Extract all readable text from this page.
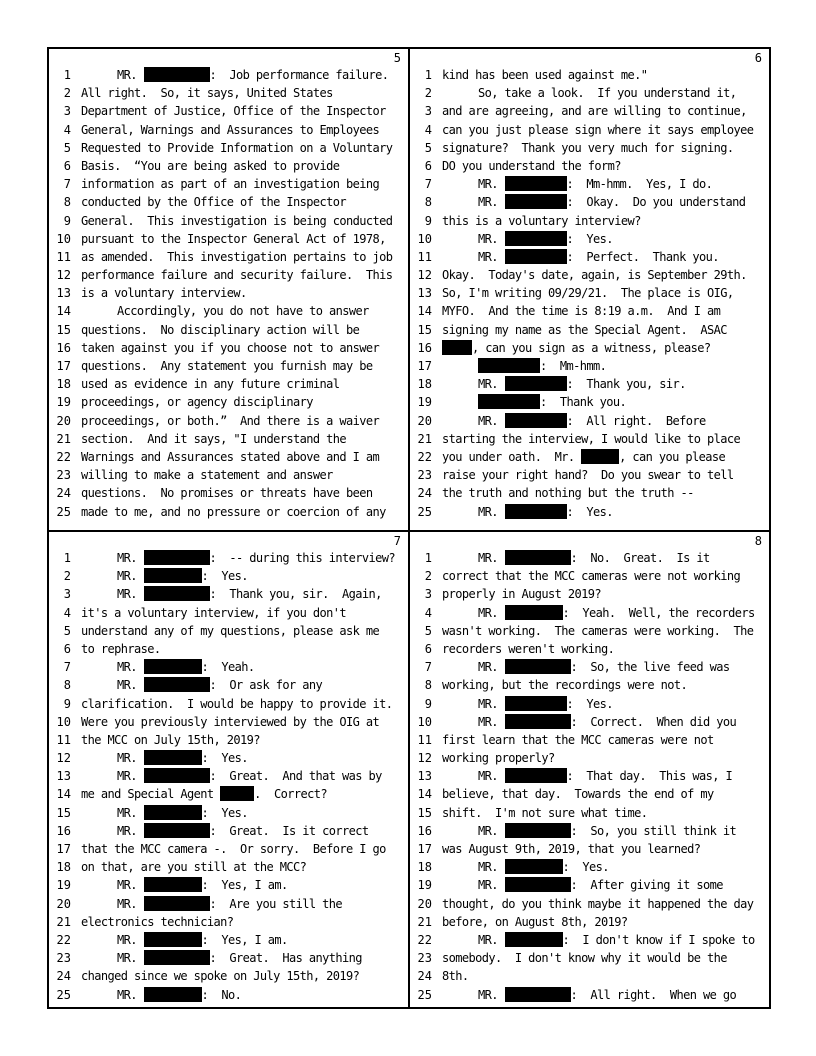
5
1	MR.	:  Job performance failure.
2 All right.  So, it says, United States
3 Department of Justice, Office of the Inspector
4 General, Warnings and Assurances to Employees
5 Requested to Provide Information on a Voluntary
6 Basis.  “You are being asked to provide
7 information as part of an investigation being
8 conducted by the Office of the Inspector
9 General.  This investigation is being conducted
10 pursuant to the Inspector General Act of 1978,
11 as amended.  This investigation pertains to job
12 performance failure and security failure.  This
13 is a voluntary interview.
14	Accordingly, you do not have to answer
15 questions.  No disciplinary action will be
16 taken against you if you choose not to answer
17 questions.  Any statement you furnish may be
18 used as evidence in any future criminal
19 proceedings, or agency disciplinary
20 proceedings, or both.”  And there is a waiver
21 section.  And it says, "I understand the
22 Warnings and Assurances stated above and I am
23 willing to make a statement and answer
24 questions.  No promises or threats have been
25 made to me, and no pressure or coercion of any
6
1 kind has been used against me."
2	So, take a look.  If you understand it,
3 and are agreeing, and are willing to continue,
4 can you just please sign where it says employee
5 signature?  Thank you very much for signing.
6 DO you understand the form?
7	MR.	:  Mm-hmm.  Yes, I do.
8	MR.	:  Okay.  Do you understand
9 this is a voluntary interview?
10	MR.	:  Yes.
11	MR.	:  Perfect.  Thank you.
12 Okay.  Today's date, again, is September 29th.
13 So, I'm writing 09/29/21.  The place is OIG,
14 MYFO.  And the time is 8:19 a.m.  And I am
15 signing my name as the Special Agent.  ASAC
16	, can you sign as a witness, please?
17	:  Mm-hmm.
18	MR.	:  Thank you, sir.
19	:  Thank you.
20	MR.	:  All right.  Before
21 starting the interview, I would like to place
22 you under oath.  Mr.	, can you please
23 raise your right hand?  Do you swear to tell
24 the truth and nothing but the truth --
25	MR.	:  Yes.
7
1	MR.	:  -- during this interview?
2	MR.	:  Yes.
3	MR.	:  Thank you, sir.  Again,
4 it's a voluntary interview, if you don't
5 understand any of my questions, please ask me
6 to rephrase.
7	MR.	:  Yeah.
8	MR.	:  Or ask for any
9 clarification.  I would be happy to provide it.
10 Were you previously interviewed by the OIG at
11 the MCC on July 15th, 2019?
12	MR.	:  Yes.
13	MR.	:  Great.  And that was by
14 me and Special Agent	.  Correct?
15	MR.	:  Yes.
16	MR.	:  Great.  Is it correct
17 that the MCC camera -.  Or sorry.  Before I go
18 on that, are you still at the MCC?
19	MR.	:  Yes, I am.
20	MR.	:  Are you still the
21 electronics technician?
22	MR.	:  Yes, I am.
23	MR.	:  Great.  Has anything
24 changed since we spoke on July 15th, 2019?
25	MR.	:  No.
8
1	MR.	:  No.  Great.  Is it
2 correct that the MCC cameras were not working
3 properly in August 2019?
4	MR.	:  Yeah.  Well, the recorders
5 wasn't working.  The cameras were working.  The
6 recorders weren't working.
7	MR.	:  So, the live feed was
8 working, but the recordings were not.
9	MR.	:  Yes.
10	MR.	:  Correct.  When did you
11 first learn that the MCC cameras were not
12 working properly?
13	MR.	:  That day.  This was, I
14 believe, that day.  Towards the end of my
15 shift.  I'm not sure what time.
16	MR.	:  So, you still think it
17 was August 9th, 2019, that you learned?
18	MR.	:  Yes.
19	MR.	:  After giving it some
20 thought, do you think maybe it happened the day
21 before, on August 8th, 2019?
22	MR.	:  I don't know if I spoke to
23 somebody.  I don't know why it would be the
24 8th.
25	MR.	:  All right.  When we go
